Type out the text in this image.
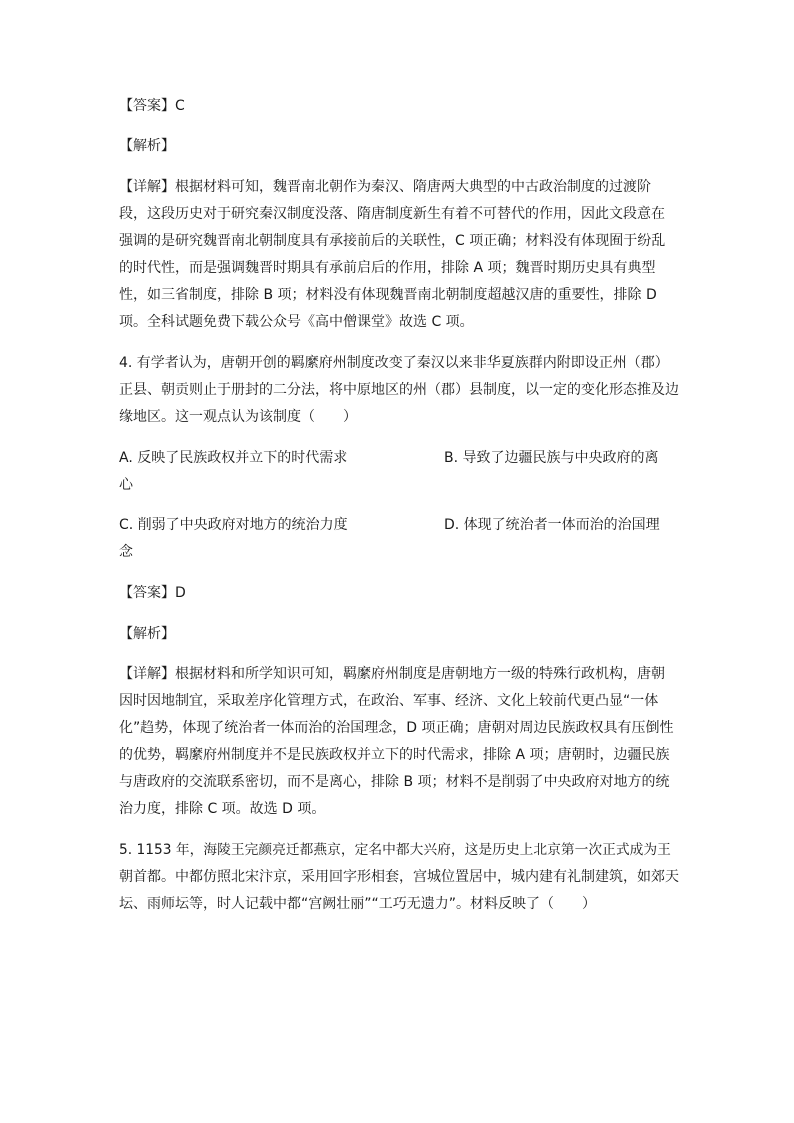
【答案】C
【解析】
【详解】根据材料可知，魏晋南北朝作为秦汉、隋唐两大典型的中古政治制度的过渡阶
段，这段历史对于研究秦汉制度没落、隋唐制度新生有着不可替代的作用，因此文段意在
强调的是研究魏晋南北朝制度具有承接前后的关联性，C 项正确；材料没有体现囿于纷乱
的时代性，而是强调魏晋时期具有承前启后的作用，排除 A 项；魏晋时期历史具有典型
性，如三省制度，排除 B 项；材料没有体现魏晋南北朝制度超越汉唐的重要性，排除 D
项。全科试题免费下载公众号《高中僧课堂》故选 C 项。
4. 有学者认为，唐朝开创的羁縻府州制度改变了秦汉以来非华夏族群内附即设正州（郡）
正县、朝贡则止于册封的二分法，将中原地区的州（郡）县制度，以一定的变化形态推及边
缘地区。这一观点认为该制度（　　）
A. 反映了民族政权并立下的时代需求	B. 导致了边疆民族与中央政府的离
心
C. 削弱了中央政府对地方的统治力度	D. 体现了统治者一体而治的治国理
念
【答案】D
【解析】
【详解】根据材料和所学知识可知，羁縻府州制度是唐朝地方一级的特殊行政机构，唐朝
因时因地制宜，采取差序化管理方式，在政治、军事、经济、文化上较前代更凸显“一体
化”趋势，体现了统治者一体而治的治国理念，D 项正确；唐朝对周边民族政权具有压倒性
的优势，羁縻府州制度并不是民族政权并立下的时代需求，排除 A 项；唐朝时，边疆民族
与唐政府的交流联系密切，而不是离心，排除 B 项；材料不是削弱了中央政府对地方的统
治力度，排除 C 项。故选 D 项。
5. 1153 年，海陵王完颜亮迁都燕京，定名中都大兴府，这是历史上北京第一次正式成为王
朝首都。中都仿照北宋汴京，采用回字形相套，宫城位置居中，城内建有礼制建筑，如郊天
坛、雨师坛等，时人记载中都“宫阙壮丽”“工巧无遗力”。材料反映了（　　）
